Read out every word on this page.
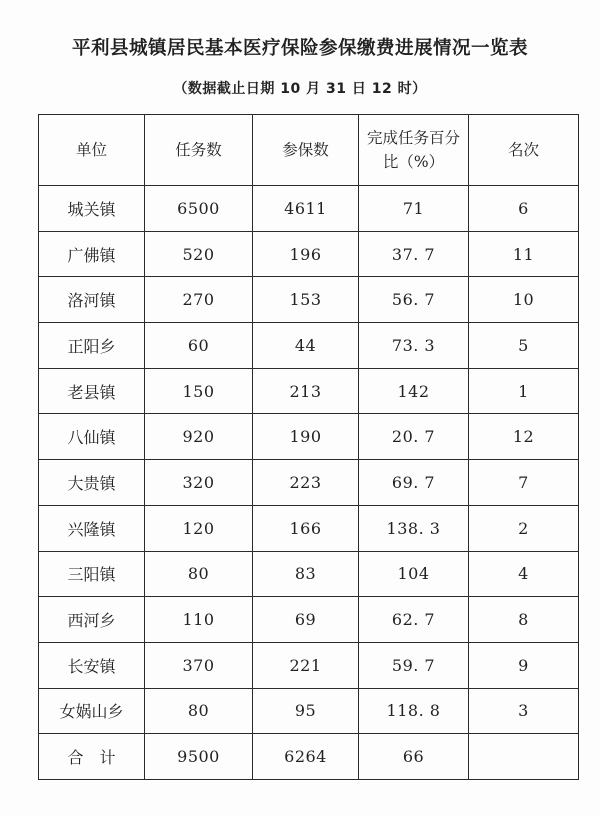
平利县城镇居民基本医疗保险参保缴费进展情况一览表
（数据截止日期 10 月 31 日 12 时）
单位	任务数	参保数	完成任务百分比（%）	名次
城关镇	6500	4611	71	6
广佛镇	520	196	37. 7	11
洛河镇	270	153	56. 7	10
正阳乡	60	44	73. 3	5
老县镇	150	213	142	1
八仙镇	920	190	20. 7	12
大贵镇	320	223	69. 7	7
兴隆镇	120	166	138. 3	2
三阳镇	80	83	104	4
西河乡	110	69	62. 7	8
长安镇	370	221	59. 7	9
女娲山乡	80	95	118. 8	3
合　计	9500	6264	66	
